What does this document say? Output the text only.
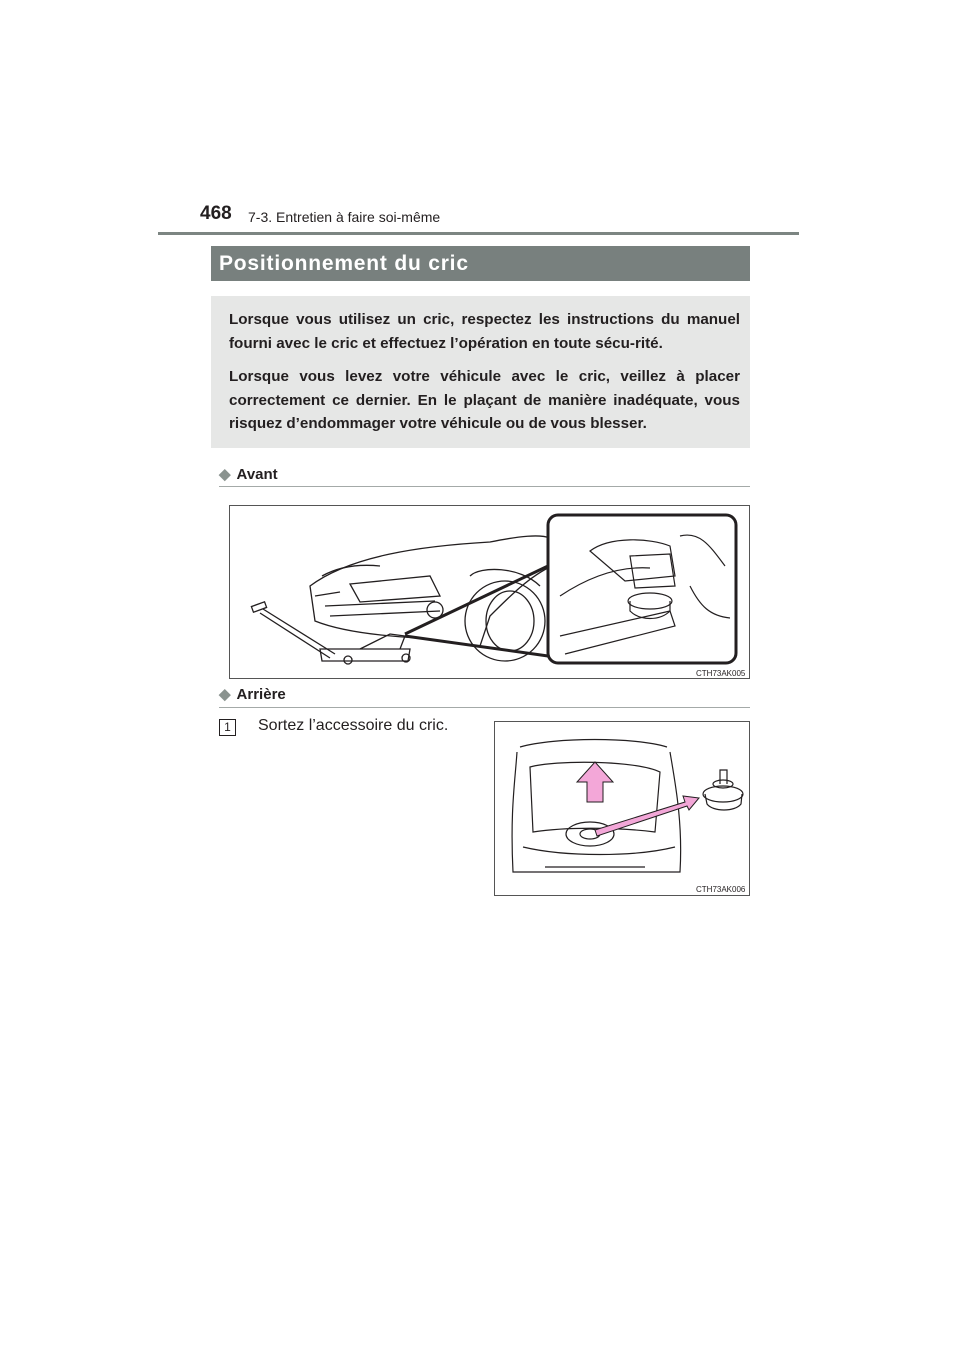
468 7-3. Entretien à faire soi-même
Positionnement du cric

Lorsque vous utilisez un cric, respectez les instructions du manuel fourni avec le cric et effectuez l’opération en toute sécu-rité.

Lorsque vous levez votre véhicule avec le cric, veillez à placer correctement ce dernier. En le plaçant de manière inadéquate, vous risquez d’endommager votre véhicule ou de vous blesser.

◆ Avant
CTH73AK005
◆ Arrière
1	Sortez l’accessoire du cric.
CTH73AK006
